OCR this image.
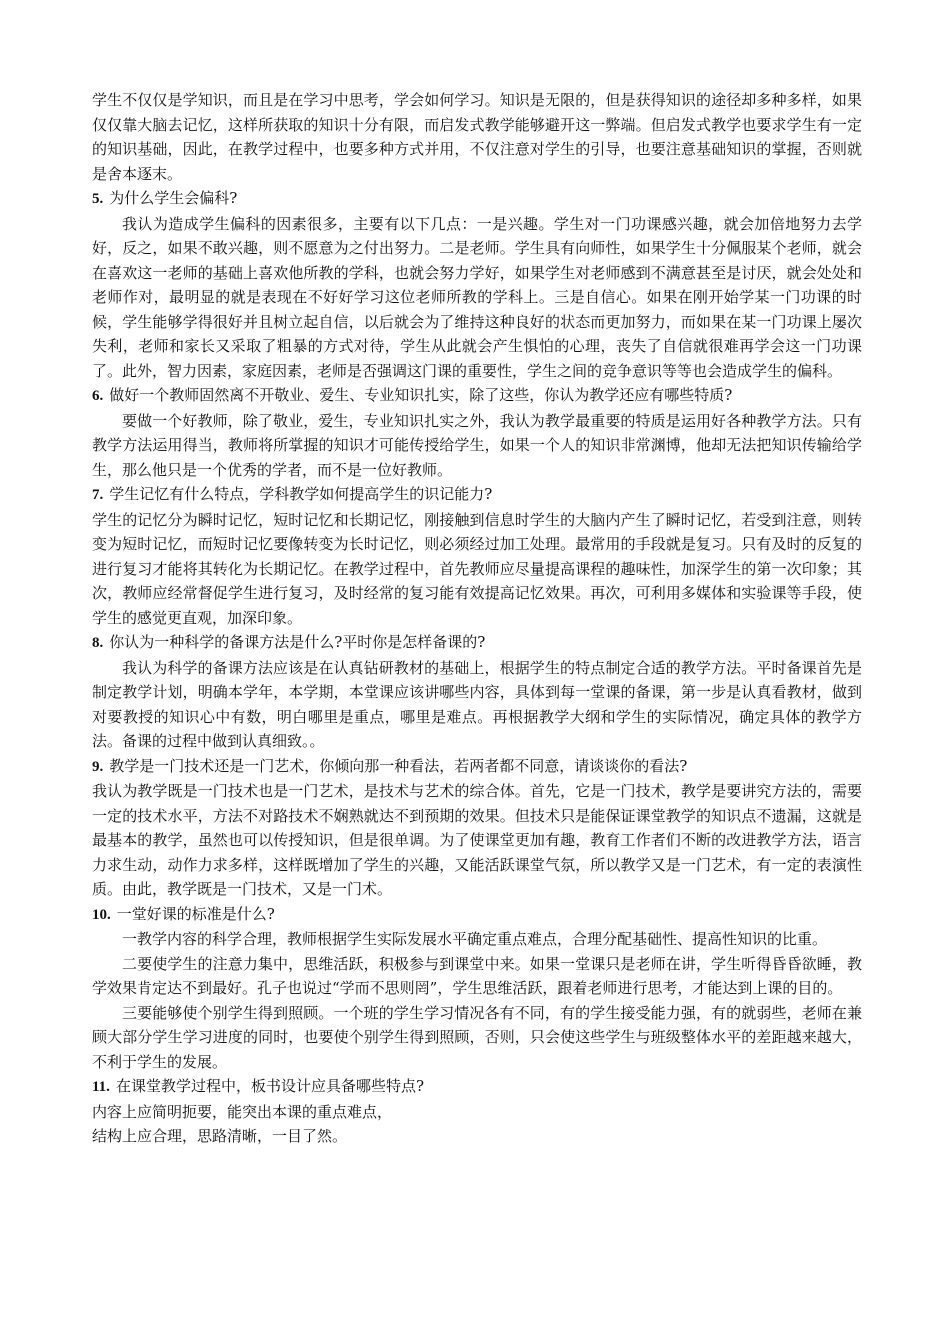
学生不仅仅是学知识，而且是在学习中思考，学会如何学习。知识是无限的，但是获得知识的途径却多种多样，如果仅仅靠大脑去记忆，这样所获取的知识十分有限，而启发式教学能够避开这一弊端。但启发式教学也要求学生有一定的知识基础，因此，在教学过程中，也要多种方式并用，不仅注意对学生的引导，也要注意基础知识的掌握，否则就是舍本逐末。

5. 为什么学生会偏科?

我认为造成学生偏科的因素很多，主要有以下几点：一是兴趣。学生对一门功课感兴趣，就会加倍地努力去学好，反之，如果不敢兴趣，则不愿意为之付出努力。二是老师。学生具有向师性，如果学生十分佩服某个老师，就会在喜欢这一老师的基础上喜欢他所教的学科，也就会努力学好，如果学生对老师感到不满意甚至是讨厌，就会处处和老师作对，最明显的就是表现在不好好学习这位老师所教的学科上。三是自信心。如果在刚开始学某一门功课的时候，学生能够学得很好并且树立起自信，以后就会为了维持这种良好的状态而更加努力，而如果在某一门功课上屡次失利，老师和家长又采取了粗暴的方式对待，学生从此就会产生惧怕的心理，丧失了自信就很难再学会这一门功课了。此外，智力因素，家庭因素，老师是否强调这门课的重要性，学生之间的竞争意识等等也会造成学生的偏科。

6. 做好一个教师固然离不开敬业、爱生、专业知识扎实，除了这些，你认为教学还应有哪些特质?

要做一个好教师，除了敬业，爱生，专业知识扎实之外，我认为教学最重要的特质是运用好各种教学方法。只有教学方法运用得当，教师将所掌握的知识才可能传授给学生，如果一个人的知识非常渊博，他却无法把知识传输给学生，那么他只是一个优秀的学者，而不是一位好教师。

7. 学生记忆有什么特点，学科教学如何提高学生的识记能力?

学生的记忆分为瞬时记忆，短时记忆和长期记忆，刚接触到信息时学生的大脑内产生了瞬时记忆，若受到注意，则转变为短时记忆，而短时记忆要像转变为长时记忆，则必须经过加工处理。最常用的手段就是复习。只有及时的反复的进行复习才能将其转化为长期记忆。在教学过程中，首先教师应尽量提高课程的趣味性，加深学生的第一次印象；其次，教师应经常督促学生进行复习，及时经常的复习能有效提高记忆效果。再次，可利用多媒体和实验课等手段，使学生的感觉更直观，加深印象。

8. 你认为一种科学的备课方法是什么?平时你是怎样备课的?

我认为科学的备课方法应该是在认真钻研教材的基础上，根据学生的特点制定合适的教学方法。平时备课首先是制定教学计划，明确本学年，本学期，本堂课应该讲哪些内容，具体到每一堂课的备课，第一步是认真看教材，做到对要教授的知识心中有数，明白哪里是重点，哪里是难点。再根据教学大纲和学生的实际情况，确定具体的教学方法。备课的过程中做到认真细致。。

9. 教学是一门技术还是一门艺术，你倾向那一种看法，若两者都不同意，请谈谈你的看法?

我认为教学既是一门技术也是一门艺术，是技术与艺术的综合体。首先，它是一门技术，教学是要讲究方法的，需要一定的技术水平，方法不对路技术不娴熟就达不到预期的效果。但技术只是能保证课堂教学的知识点不遗漏，这就是最基本的教学，虽然也可以传授知识，但是很单调。为了使课堂更加有趣，教育工作者们不断的改进教学方法，语言力求生动，动作力求多样，这样既增加了学生的兴趣，又能活跃课堂气氛，所以教学又是一门艺术，有一定的表演性质。由此，教学既是一门技术，又是一门术。

10. 一堂好课的标准是什么?

一教学内容的科学合理，教师根据学生实际发展水平确定重点难点，合理分配基础性、提高性知识的比重。

二要使学生的注意力集中，思维活跃，积极参与到课堂中来。如果一堂课只是老师在讲，学生听得昏昏欲睡，教学效果肯定达不到最好。孔子也说过“学而不思则罔”，学生思维活跃，跟着老师进行思考，才能达到上课的目的。

三要能够使个别学生得到照顾。一个班的学生学习情况各有不同，有的学生接受能力强，有的就弱些，老师在兼顾大部分学生学习进度的同时，也要使个别学生得到照顾，否则，只会使这些学生与班级整体水平的差距越来越大，不利于学生的发展。

11. 在课堂教学过程中，板书设计应具备哪些特点?

内容上应简明扼要，能突出本课的重点难点，

结构上应合理，思路清晰，一目了然。
